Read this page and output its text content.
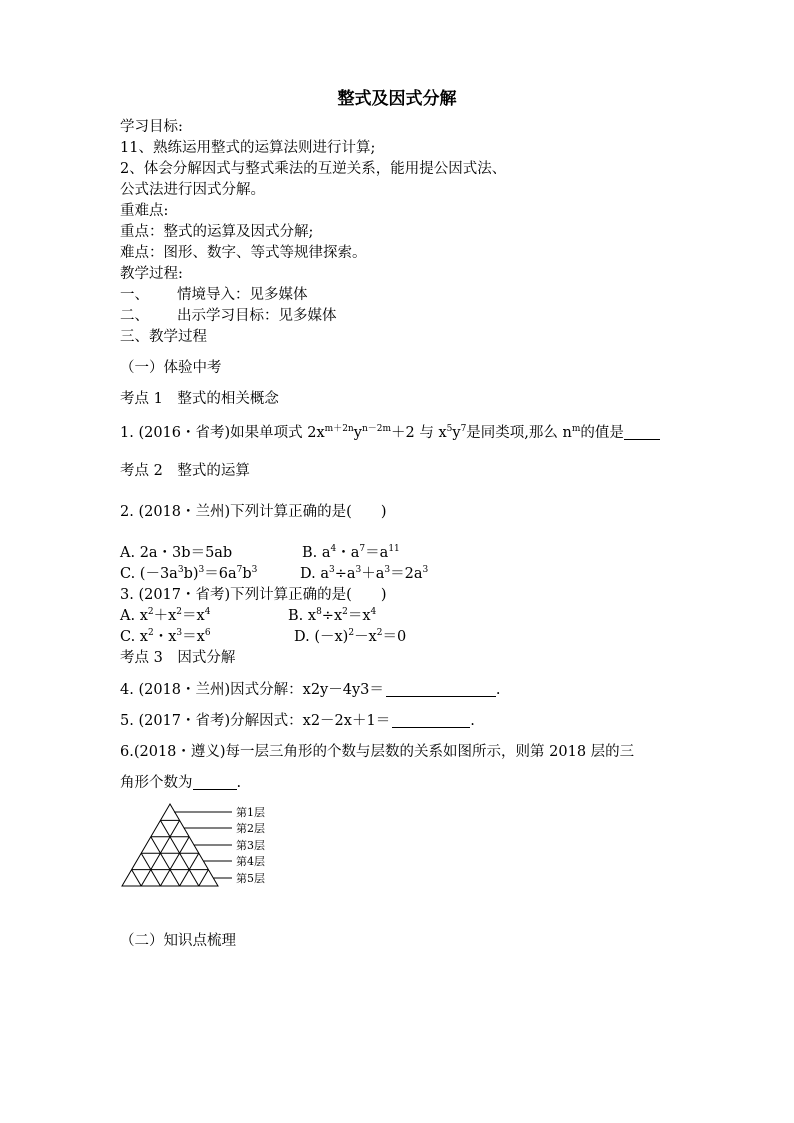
整式及因式分解
学习目标:
11、熟练运用整式的运算法则进行计算;
2、体会分解因式与整式乘法的互逆关系，能用提公因式法、
公式法进行因式分解。
重难点:
重点：整式的运算及因式分解;
难点：图形、数字、等式等规律探索。
教学过程:
一、 情境导入：见多媒体
二、 出示学习目标：见多媒体
三、教学过程
（一）体验中考
考点 1　整式的相关概念
1. (2016・省考)如果单项式 $2x^{m+2n}y^{n-2m}+2$ 与 $x^5y^7$是同类项,那么 $n^m$的值是
考点 2　整式的运算
2. (2018・兰州)下列计算正确的是(　　)
A. 2a・3b＝5ab	B. $a^4$・$a^7=a^{11}$
C. $(-3a^3b)^3=6a^7b^3$	D. $a^3\div a^3+a^3=2a^3$
3. (2017・省考)下列计算正确的是(　　)
A. $x^2+x^2=x^4$	B. $x^8\div x^2=x^4$
C. $x^2$・$x^3=x^6$	D. $(-x)^2-x^2=0$
考点 3　因式分解
4. (2018・兰州)因式分解：x2y－4y3＝	.
5. (2017・省考)分解因式：x2－2x＋1＝	.
6.(2018・遵义)每一层三角形的个数与层数的关系如图所示，则第 2018 层的三
角形个数为	.
第1层
第2层
第3层
第4层
第5层
（二）知识点梳理
